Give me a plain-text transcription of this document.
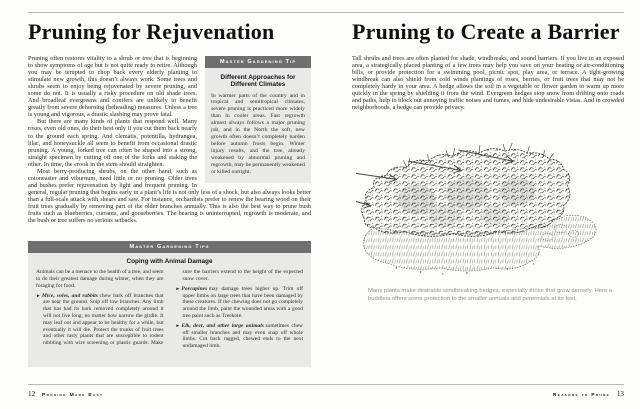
Pruning for Rejuvenation
Master Gardening Tip
Different Approaches for Different Climates
In warmer parts of the country and in tropical and semitropical climates, severe pruning is practiced more widely than in cooler areas. Fast regrowth almost always follows a major pruning job, and in the North the soft, new growth often doesn’t completely harden before autumn frosts begin. Winter injury results, and the tree, already weakened by abnormal pruning and regrowth, may be permanently weakened or killed outright.

Pruning often restores vitality to a shrub or tree that is beginning to show symptoms of age but is not quite ready to retire. Although you may be tempted to chop back every elderly planting to stimulate new growth, this doesn’t always work. Some trees and shrubs seem to enjoy being rejuvenated by severe pruning, and some do not. It is usually a risky procedure on old shade trees. And broadleaf evergreens and conifers are unlikely to benefit greatly from severe dehorning (beheading) measures. Unless a tree is young and vigorous, a drastic slashing may prove fatal.

But there are many kinds of plants that respond well. Many roses, even old ones, do their best only if you cut them back nearly to the ground each spring. And clematis, potentilla, hydrangea, lilac, and honeysuckle all seem to benefit from occasional drastic pruning. A young, forked tree can often be shaped into a strong, straight specimen by cutting off one of the forks and staking the other. In time, the crook in the stem should straighten.

Most berry-producing shrubs, on the other hand, such as cotoneaster and viburnum, need little or no pruning. Older trees and bushes prefer rejuvenation by light and frequent pruning. In general, regular pruning that begins early in a plant’s life is not only less of a shock, but also always looks better than a full-scale attack with shears and saw. For instance, orchardists prefer to renew the bearing wood on their fruit trees gradually by removing part of the older branches annually. This is also the best way to prune bush fruits such as blueberries, currants, and gooseberries. The bearing is uninterrupted, regrowth is moderate, and the bush or tree suffers no serious setbacks.

Master Gardening Tips
Coping with Animal Damage

Animals can be a menace to the health of a tree, and seem to do their greatest damage during winter, when they are foraging for food.

► Mice, voles, and rabbits chew bark off branches that are near the ground. Snip off low branches. Any limb that has had its bark removed completely around it will not live long, no matter how narrow the girdle. It may leaf out and appear to be healthy for a while, but eventually it will die. Protect the trunks of fruit trees and other tasty plants that are susceptible to rodent nibbling with wire screening or plastic guards. Make sure the barriers extend to the height of the expected snow cover.

► Porcupines may damage trees higher up. Trim off upper limbs on large trees that have been damaged by these creatures. If the chewing does not go completely around the limb, paint the wounded areas with a good tree paint such as Treekote.

► Elk, deer, and other large animals sometimes chew off smaller branches and may even snap off whole limbs. Cut back ragged, chewed ends to the next undamaged limb.

12 Pruning Made Easy
Pruning to Create a Barrier

Tall shrubs and trees are often planted for shade, windbreaks, and sound barriers. If you live in an exposed area, a strategically placed planting of a few trees may help you save on your heating or air-conditioning bills, or provide protection for a swimming pool, picnic spot, play area, or terrace. A tight-growing windbreak can also shield from cold winds plantings of roses, berries, or fruit trees that may not be completely hardy in your area. A hedge allows the soil in a vegetable or flower garden to warm up more quickly in the spring by shielding it from the wind. Evergreen hedges stop snow from drifting onto roads and paths, help to block out annoying traffic noises and fumes, and hide undesirable vistas. And in crowded neighborhoods, a hedge can provide privacy.

Many plants make desirable windbreaking hedges, especially those that grow densely. Here a buddleia offers some protection to the smaller annuals and perennials at its feet.
Reasons to Prune 13
